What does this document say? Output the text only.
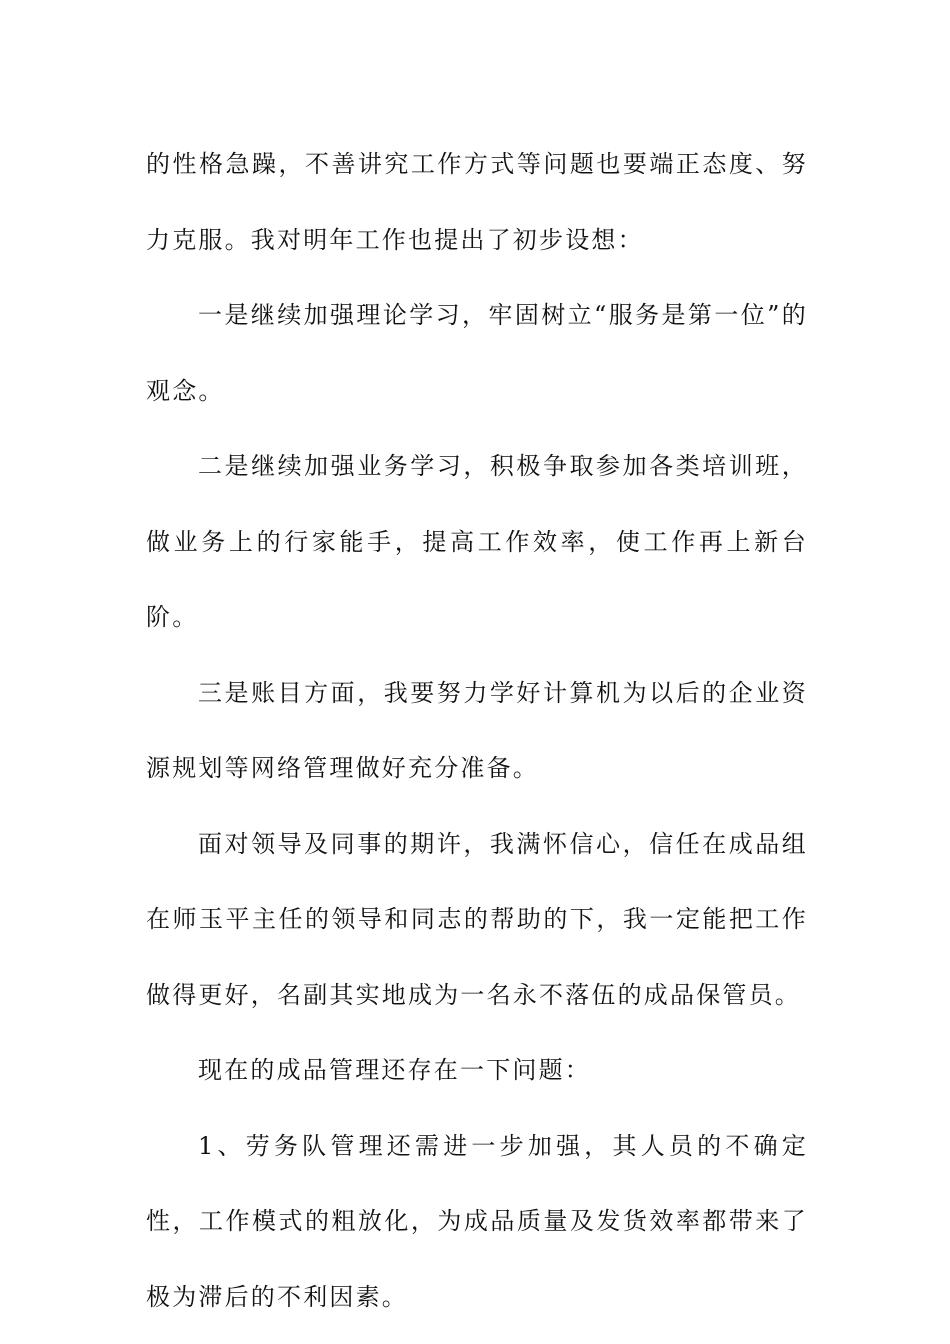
的性格急躁，不善讲究工作方式等问题也要端正态度、努力克服。我对明年工作也提出了初步设想：

一是继续加强理论学习，牢固树立“服务是第一位”的观念。

二是继续加强业务学习，积极争取参加各类培训班，做业务上的行家能手，提高工作效率，使工作再上新台阶。

三是账目方面，我要努力学好计算机为以后的企业资源规划等网络管理做好充分准备。

面对领导及同事的期许，我满怀信心，信任在成品组在师玉平主任的领导和同志的帮助的下，我一定能把工作做得更好，名副其实地成为一名永不落伍的成品保管员。

现在的成品管理还存在一下问题：

1、劳务队管理还需进一步加强，其人员的不确定性，工作模式的粗放化，为成品质量及发货效率都带来了极为滞后的不利因素。
